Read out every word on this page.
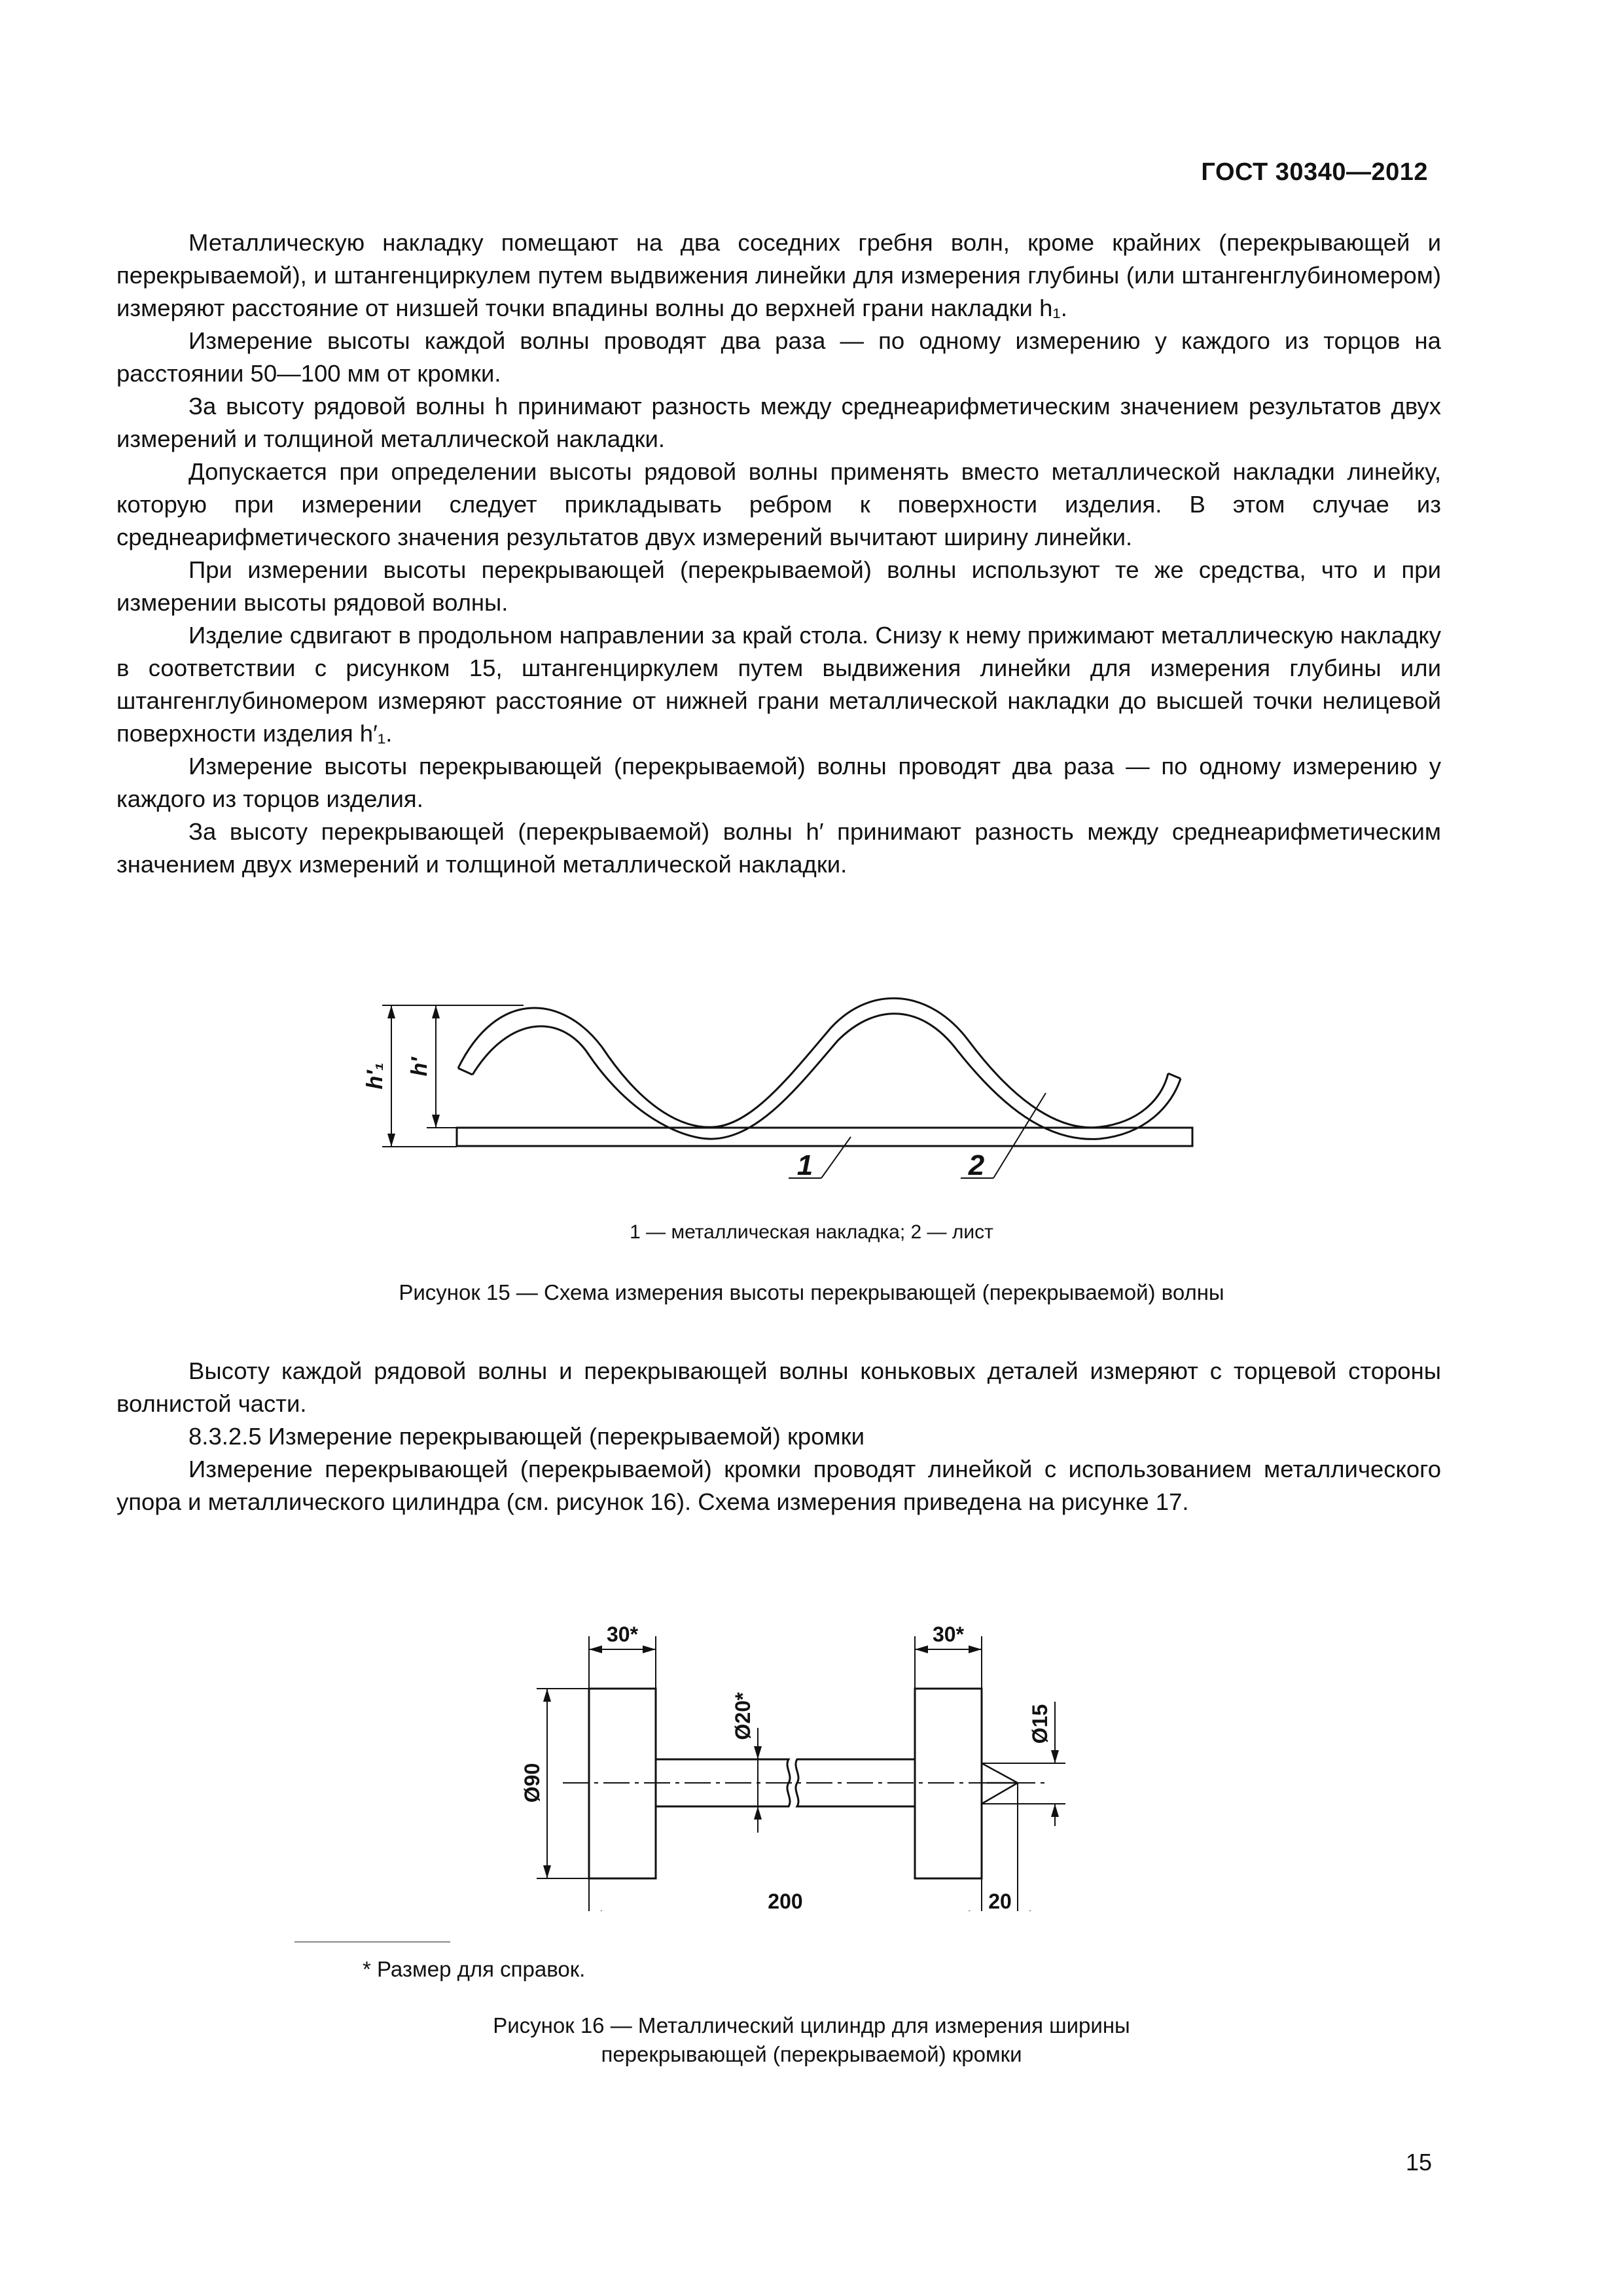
ГОСТ 30340—2012

Металлическую накладку помещают на два соседних гребня волн, кроме крайних (перекрывающей и перекрываемой), и штангенциркулем путем выдвижения линейки для измерения глубины (или штангенглубиномером) измеряют расстояние от низшей точки впадины волны до верхней грани накладки h₁.

Измерение высоты каждой волны проводят два раза — по одному измерению у каждого из торцов на расстоянии 50—100 мм от кромки.

За высоту рядовой волны h принимают разность между среднеарифметическим значением результатов двух измерений и толщиной металлической накладки.

Допускается при определении высоты рядовой волны применять вместо металлической накладки линейку, которую при измерении следует прикладывать ребром к поверхности изделия. В этом случае из среднеарифметического значения результатов двух измерений вычитают ширину линейки.

При измерении высоты перекрывающей (перекрываемой) волны используют те же средства, что и при измерении высоты рядовой волны.

Изделие сдвигают в продольном направлении за край стола. Снизу к нему прижимают металлическую накладку в соответствии с рисунком 15, штангенциркулем путем выдвижения линейки для измерения глубины или штангенглубиномером измеряют расстояние от нижней грани металлической накладки до высшей точки нелицевой поверхности изделия h′₁.

Измерение высоты перекрывающей (перекрываемой) волны проводят два раза — по одному измерению у каждого из торцов изделия.

За высоту перекрывающей (перекрываемой) волны h′ принимают разность между среднеарифметическим значением двух измерений и толщиной металлической накладки.

h′₁ h′
1	2
1 — металлическая накладка; 2 — лист
Рисунок 15 — Схема измерения высоты перекрывающей (перекрываемой) волны

Высоту каждой рядовой волны и перекрывающей волны коньковых деталей измеряют с торцевой стороны волнистой части.

8.3.2.5 Измерение перекрывающей (перекрываемой) кромки

Измерение перекрывающей (перекрываемой) кромки проводят линейкой с использованием металлического упора и металлического цилиндра (см. рисунок 16). Схема измерения приведена на рисунке 17.

30*	30*
Ø90
Ø20*	Ø15
200	20
* Размер для справок.
Рисунок 16 — Металлический цилиндр для измерения ширины
перекрывающей (перекрываемой) кромки
15
